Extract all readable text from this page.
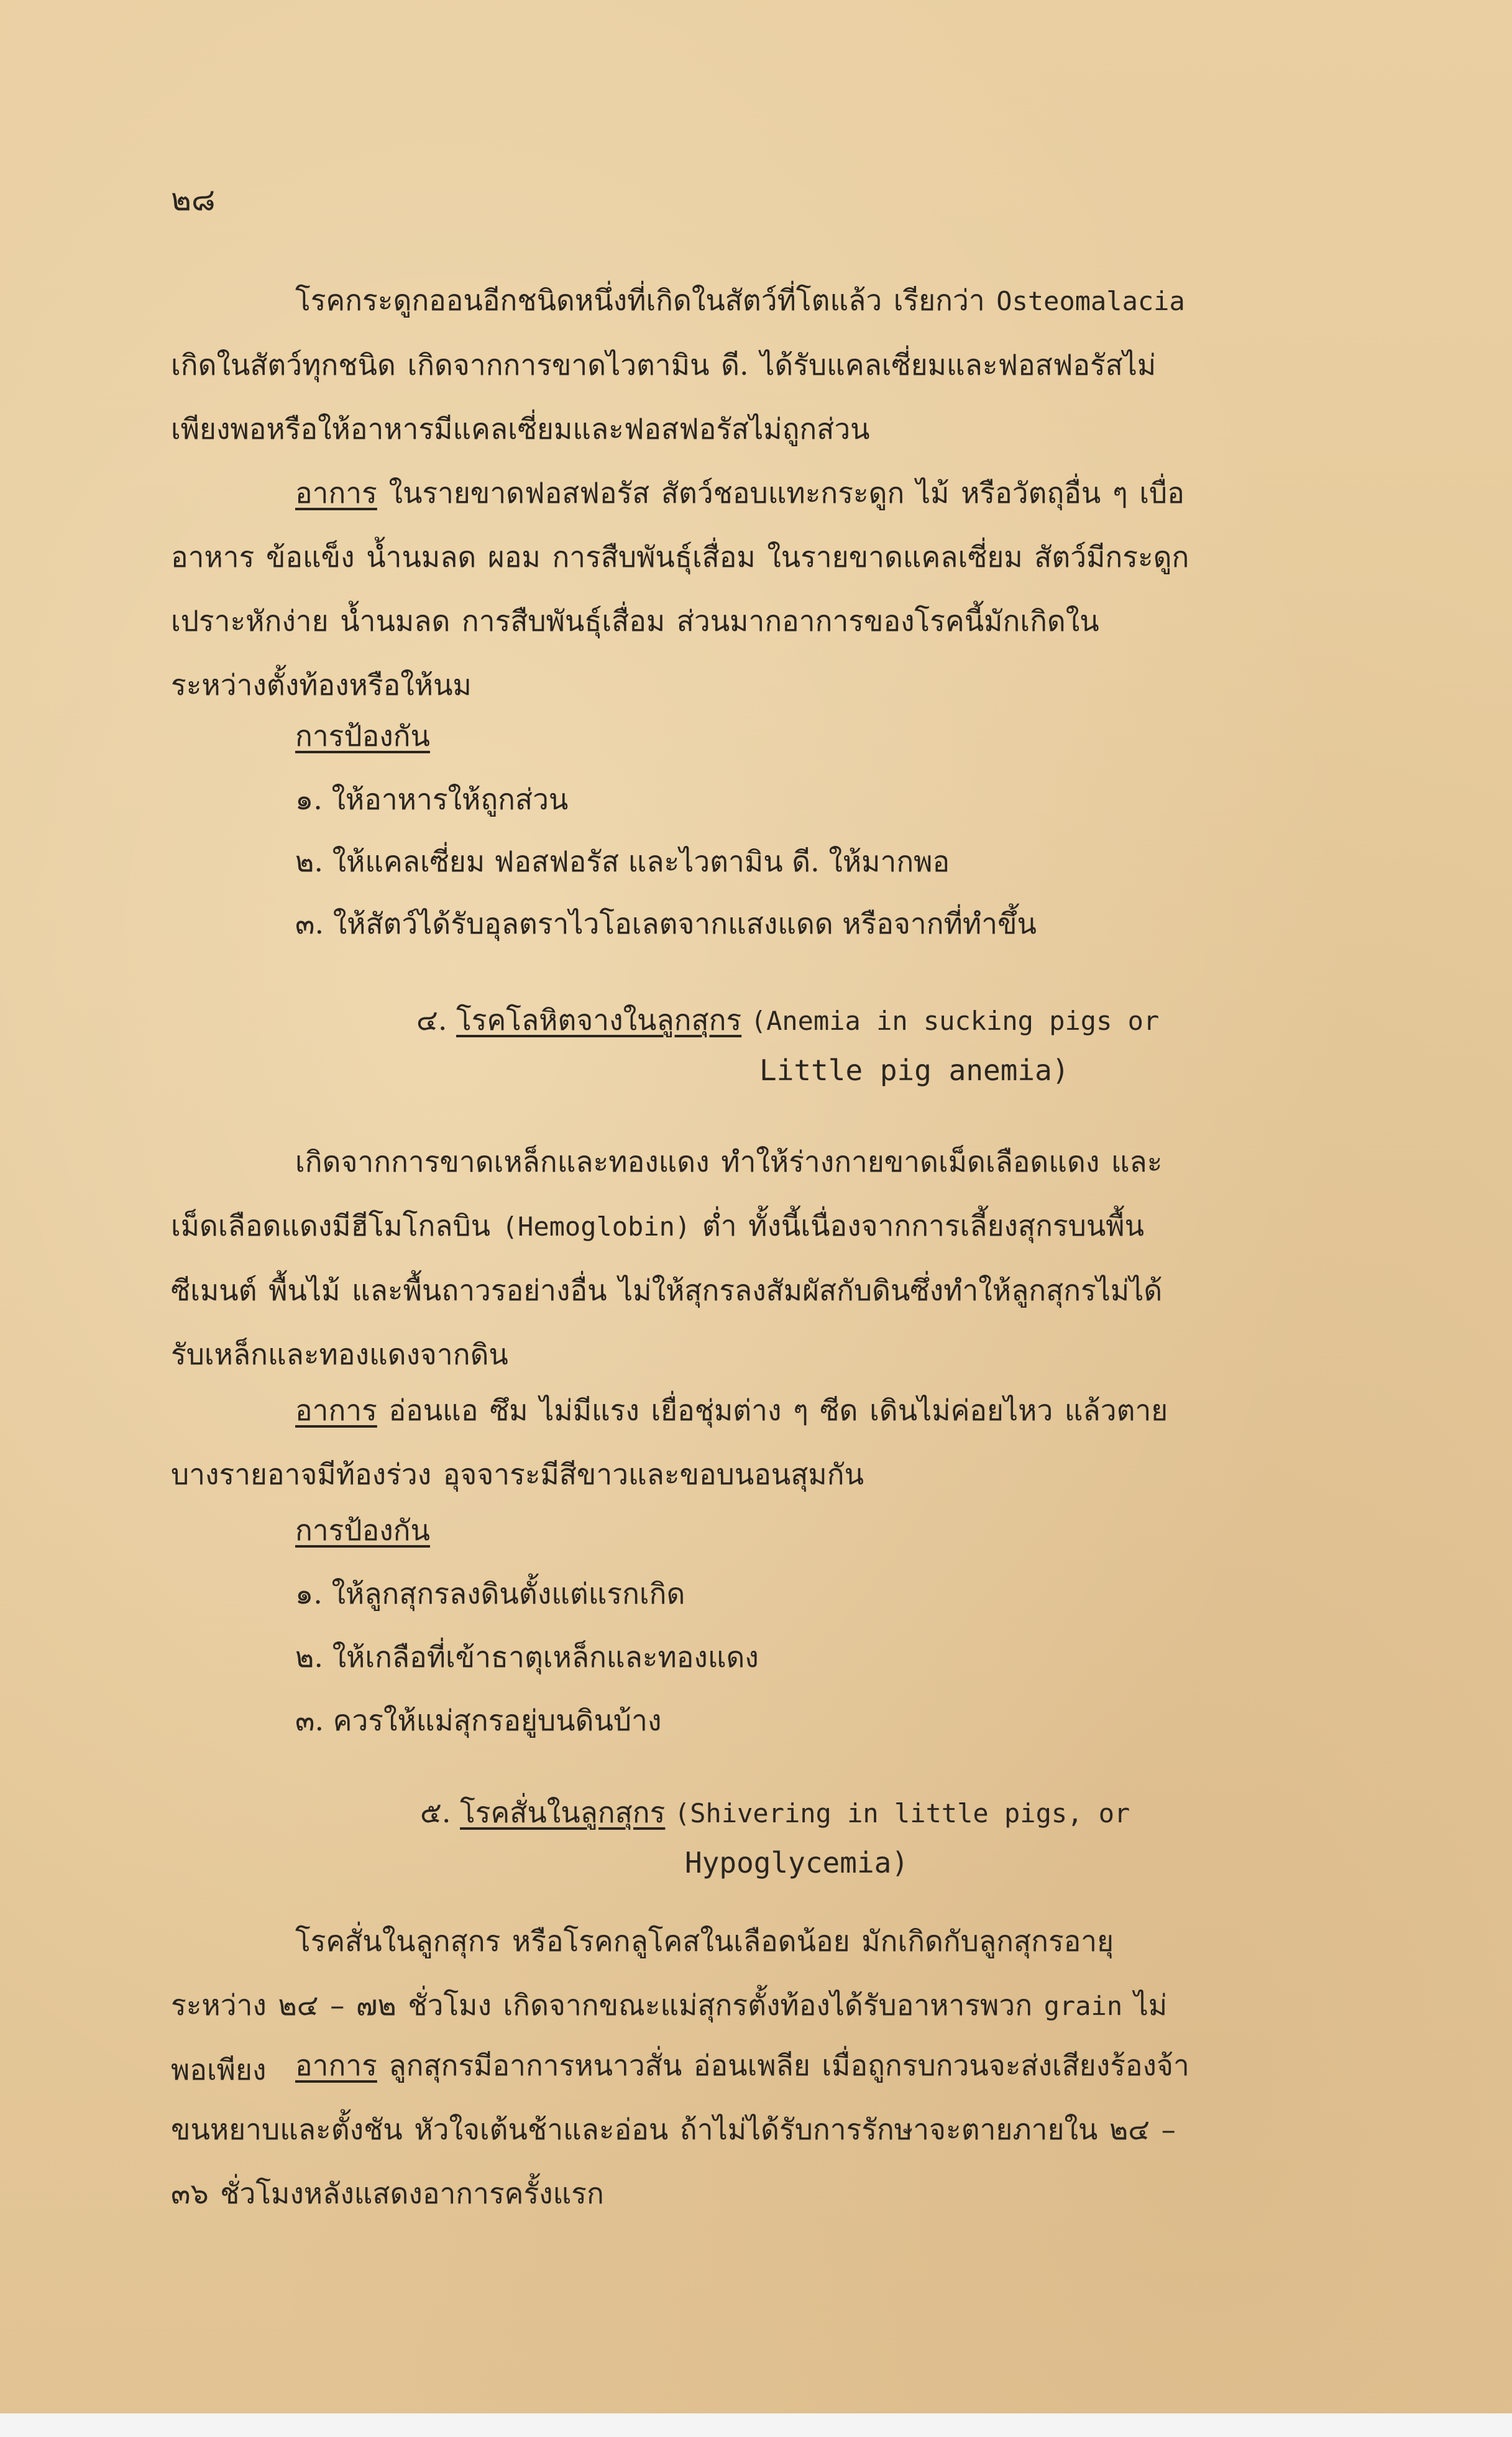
๒๘
โรคกระดูกออนอีกชนิดหนึ่งที่เกิดในสัตว์ที่โตแล้ว เรียกว่า Osteomalacia เกิดในสัตว์ทุกชนิด เกิดจากการขาดไวตามิน ดี. ได้รับแคลเซี่ยมและฟอสฟอรัสไม่เพียงพอหรือให้อาหารมีแคลเซี่ยมและฟอสฟอรัสไม่ถูกส่วน
อาการ ในรายขาดฟอสฟอรัส สัตว์ชอบแทะกระดูก ไม้ หรือวัตถุอื่น ๆ เบื่ออาหาร ข้อแข็ง น้ำนมลด ผอม การสืบพันธุ์เสื่อม ในรายขาดแคลเซี่ยม สัตว์มีกระดูกเปราะหักง่าย น้ำนมลด การสืบพันธุ์เสื่อม ส่วนมากอาการของโรคนี้มักเกิดในระหว่างตั้งท้องหรือให้นม
การป้องกัน
๑. ให้อาหารให้ถูกส่วน
๒. ให้แคลเซี่ยม ฟอสฟอรัส และไวตามิน ดี. ให้มากพอ
๓. ให้สัตว์ได้รับอุลตราไวโอเลตจากแสงแดด หรือจากที่ทำขึ้น
๔. โรคโลหิตจางในลูกสุกร (Anemia in sucking pigs or
Little pig anemia)
เกิดจากการขาดเหล็กและทองแดง ทำให้ร่างกายขาดเม็ดเลือดแดง และเม็ดเลือดแดงมีฮีโมโกลบิน (Hemoglobin) ต่ำ ทั้งนี้เนื่องจากการเลี้ยงสุกรบนพื้นซีเมนต์ พื้นไม้ และพื้นถาวรอย่างอื่น ไม่ให้สุกรลงสัมผัสกับดินซึ่งทำให้ลูกสุกรไม่ได้รับเหล็กและทองแดงจากดิน
อาการ อ่อนแอ ซึม ไม่มีแรง เยื่อชุ่มต่าง ๆ ซีด เดินไม่ค่อยไหว แล้วตาย บางรายอาจมีท้องร่วง อุจจาระมีสีขาวและขอบนอนสุมกัน
การป้องกัน
๑. ให้ลูกสุกรลงดินตั้งแต่แรกเกิด
๒. ให้เกลือที่เข้าธาตุเหล็กและทองแดง
๓. ควรให้แม่สุกรอยู่บนดินบ้าง
๕. โรคสั่นในลูกสุกร (Shivering in little pigs, or
Hypoglycemia)
โรคสั่นในลูกสุกร หรือโรคกลูโคสในเลือดน้อย มักเกิดกับลูกสุกรอายุระหว่าง ๒๔ – ๗๒ ชั่วโมง เกิดจากขณะแม่สุกรตั้งท้องได้รับอาหารพวก grain ไม่พอเพียง	อาการ ลูกสุกรมีอาการหนาวสั่น อ่อนเพลีย เมื่อถูกรบกวนจะส่งเสียงร้องจ้า ขนหยาบและตั้งชัน หัวใจเต้นช้าและอ่อน ถ้าไม่ได้รับการรักษาจะตายภายใน ๒๔ – ๓๖ ชั่วโมงหลังแสดงอาการครั้งแรก
